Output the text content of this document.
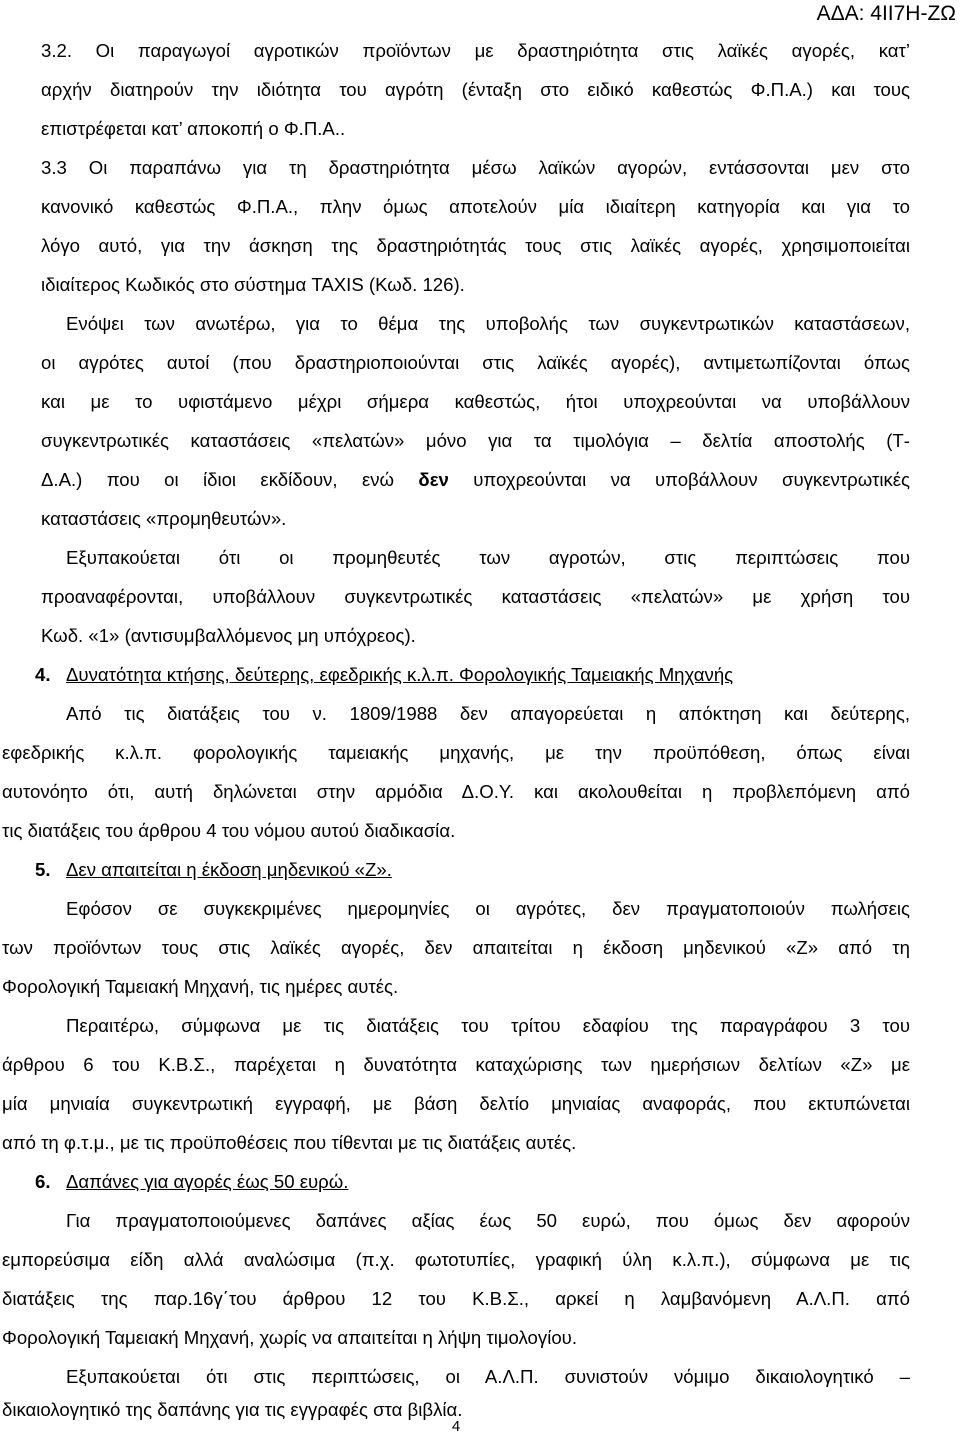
ΑΔΑ: 4ΙΙ7Η-ΖΩ

3.2. Οι παραγωγοί αγροτικών προϊόντων με δραστηριότητα στις λαϊκές αγορές, κατ’

αρχήν διατηρούν την ιδιότητα του αγρότη (ένταξη στο ειδικό καθεστώς Φ.Π.Α.) και τους

επιστρέφεται κατ’ αποκοπή ο Φ.Π.Α..

3.3 Οι παραπάνω για τη δραστηριότητα μέσω λαϊκών αγορών, εντάσσονται μεν στο

κανονικό καθεστώς Φ.Π.Α., πλην όμως αποτελούν μία ιδιαίτερη κατηγορία και για το

λόγο αυτό, για την άσκηση της δραστηριότητάς τους στις λαϊκές αγορές, χρησιμοποιείται

ιδιαίτερος Κωδικός στο σύστημα TAXIS (Κωδ. 126).

Ενόψει των ανωτέρω, για το θέμα της υποβολής των συγκεντρωτικών καταστάσεων,

οι αγρότες αυτοί (που δραστηριοποιούνται στις λαϊκές αγορές), αντιμετωπίζονται όπως

και με το υφιστάμενο μέχρι σήμερα καθεστώς, ήτοι υποχρεούνται να υποβάλλουν

συγκεντρωτικές καταστάσεις «πελατών» μόνο για τα τιμολόγια – δελτία αποστολής (Τ-

Δ.Α.) που οι ίδιοι εκδίδουν, ενώ δεν υποχρεούνται να υποβάλλουν συγκεντρωτικές

καταστάσεις «προμηθευτών».

Εξυπακούεται ότι οι προμηθευτές των αγροτών, στις περιπτώσεις που

προαναφέρονται, υποβάλλουν συγκεντρωτικές καταστάσεις «πελατών» με χρήση του

Κωδ. «1» (αντισυμβαλλόμενος μη υπόχρεος).

4. Δυνατότητα κτήσης, δεύτερης, εφεδρικής κ.λ.π. Φορολογικής Ταμειακής Μηχανής

Από τις διατάξεις του ν. 1809/1988 δεν απαγορεύεται η απόκτηση και δεύτερης,

εφεδρικής κ.λ.π. φορολογικής ταμειακής μηχανής, με την προϋπόθεση, όπως είναι

αυτονόητο ότι, αυτή δηλώνεται στην αρμόδια Δ.Ο.Υ. και ακολουθείται η προβλεπόμενη από

τις διατάξεις του άρθρου 4 του νόμου αυτού διαδικασία.

5. Δεν απαιτείται η έκδοση μηδενικού «Ζ».

Εφόσον σε συγκεκριμένες ημερομηνίες οι αγρότες, δεν πραγματοποιούν πωλήσεις

των προϊόντων τους στις λαϊκές αγορές, δεν απαιτείται η έκδοση μηδενικού «Ζ» από τη

Φορολογική Ταμειακή Μηχανή, τις ημέρες αυτές.

Περαιτέρω, σύμφωνα με τις διατάξεις του τρίτου εδαφίου της παραγράφου 3 του

άρθρου 6 του Κ.Β.Σ., παρέχεται η δυνατότητα καταχώρισης των ημερήσιων δελτίων «Ζ» με

μία μηνιαία συγκεντρωτική εγγραφή, με βάση δελτίο μηνιαίας αναφοράς, που εκτυπώνεται

από τη φ.τ.μ., με τις προϋποθέσεις που τίθενται με τις διατάξεις αυτές.

6. Δαπάνες για αγορές έως 50 ευρώ.

Για πραγματοποιούμενες δαπάνες αξίας έως 50 ευρώ, που όμως δεν αφορούν

εμπορεύσιμα είδη αλλά αναλώσιμα (π.χ. φωτοτυπίες, γραφική ύλη κ.λ.π.), σύμφωνα με τις

διατάξεις της παρ.16γ΄του άρθρου 12 του Κ.Β.Σ., αρκεί η λαμβανόμενη Α.Λ.Π. από

Φορολογική Ταμειακή Μηχανή, χωρίς να απαιτείται η λήψη τιμολογίου.

Εξυπακούεται ότι στις περιπτώσεις, οι Α.Λ.Π. συνιστούν νόμιμο δικαιολογητικό –

δικαιολογητικό της δαπάνης για τις εγγραφές στα βιβλία.

4
